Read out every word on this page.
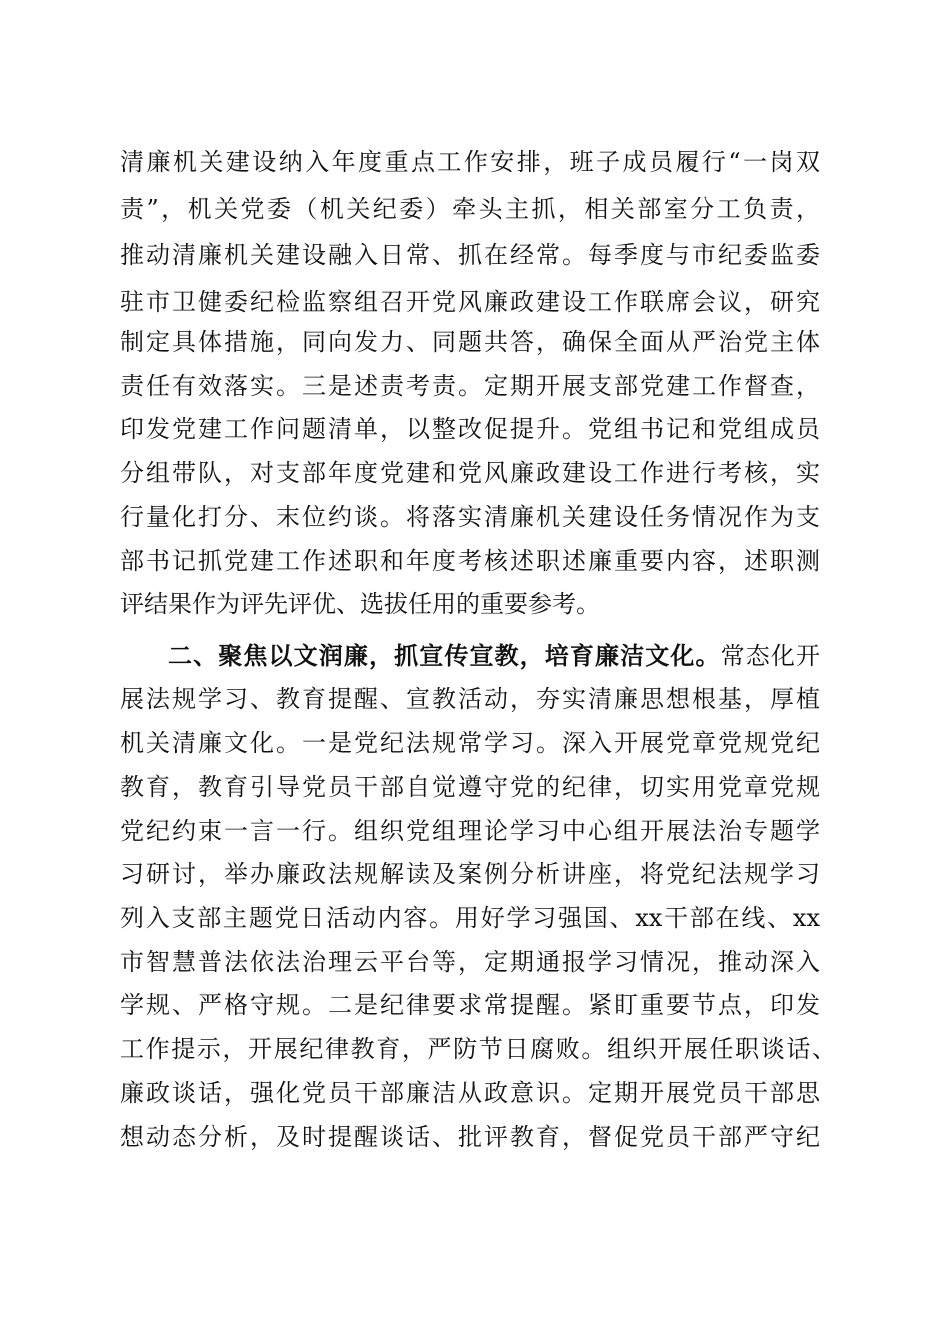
清廉机关建设纳入年度重点工作安排，班子成员履行“一岗双
责”，机关党委（机关纪委）牵头主抓，相关部室分工负责，
推动清廉机关建设融入日常、抓在经常。每季度与市纪委监委
驻市卫健委纪检监察组召开党风廉政建设工作联席会议，研究
制定具体措施，同向发力、同题共答，确保全面从严治党主体
责任有效落实。三是述责考责。定期开展支部党建工作督查，
印发党建工作问题清单，以整改促提升。党组书记和党组成员
分组带队，对支部年度党建和党风廉政建设工作进行考核，实
行量化打分、末位约谈。将落实清廉机关建设任务情况作为支
部书记抓党建工作述职和年度考核述职述廉重要内容，述职测
评结果作为评先评优、选拔任用的重要参考。
二、聚焦以文润廉，抓宣传宣教，培育廉洁文化。常态化开
展法规学习、教育提醒、宣教活动，夯实清廉思想根基，厚植
机关清廉文化。一是党纪法规常学习。深入开展党章党规党纪
教育，教育引导党员干部自觉遵守党的纪律，切实用党章党规
党纪约束一言一行。组织党组理论学习中心组开展法治专题学
习研讨，举办廉政法规解读及案例分析讲座，将党纪法规学习
列入支部主题党日活动内容。用好学习强国、xx干部在线、xx
市智慧普法依法治理云平台等，定期通报学习情况，推动深入
学规、严格守规。二是纪律要求常提醒。紧盯重要节点，印发
工作提示，开展纪律教育，严防节日腐败。组织开展任职谈话、
廉政谈话，强化党员干部廉洁从政意识。定期开展党员干部思
想动态分析，及时提醒谈话、批评教育，督促党员干部严守纪
